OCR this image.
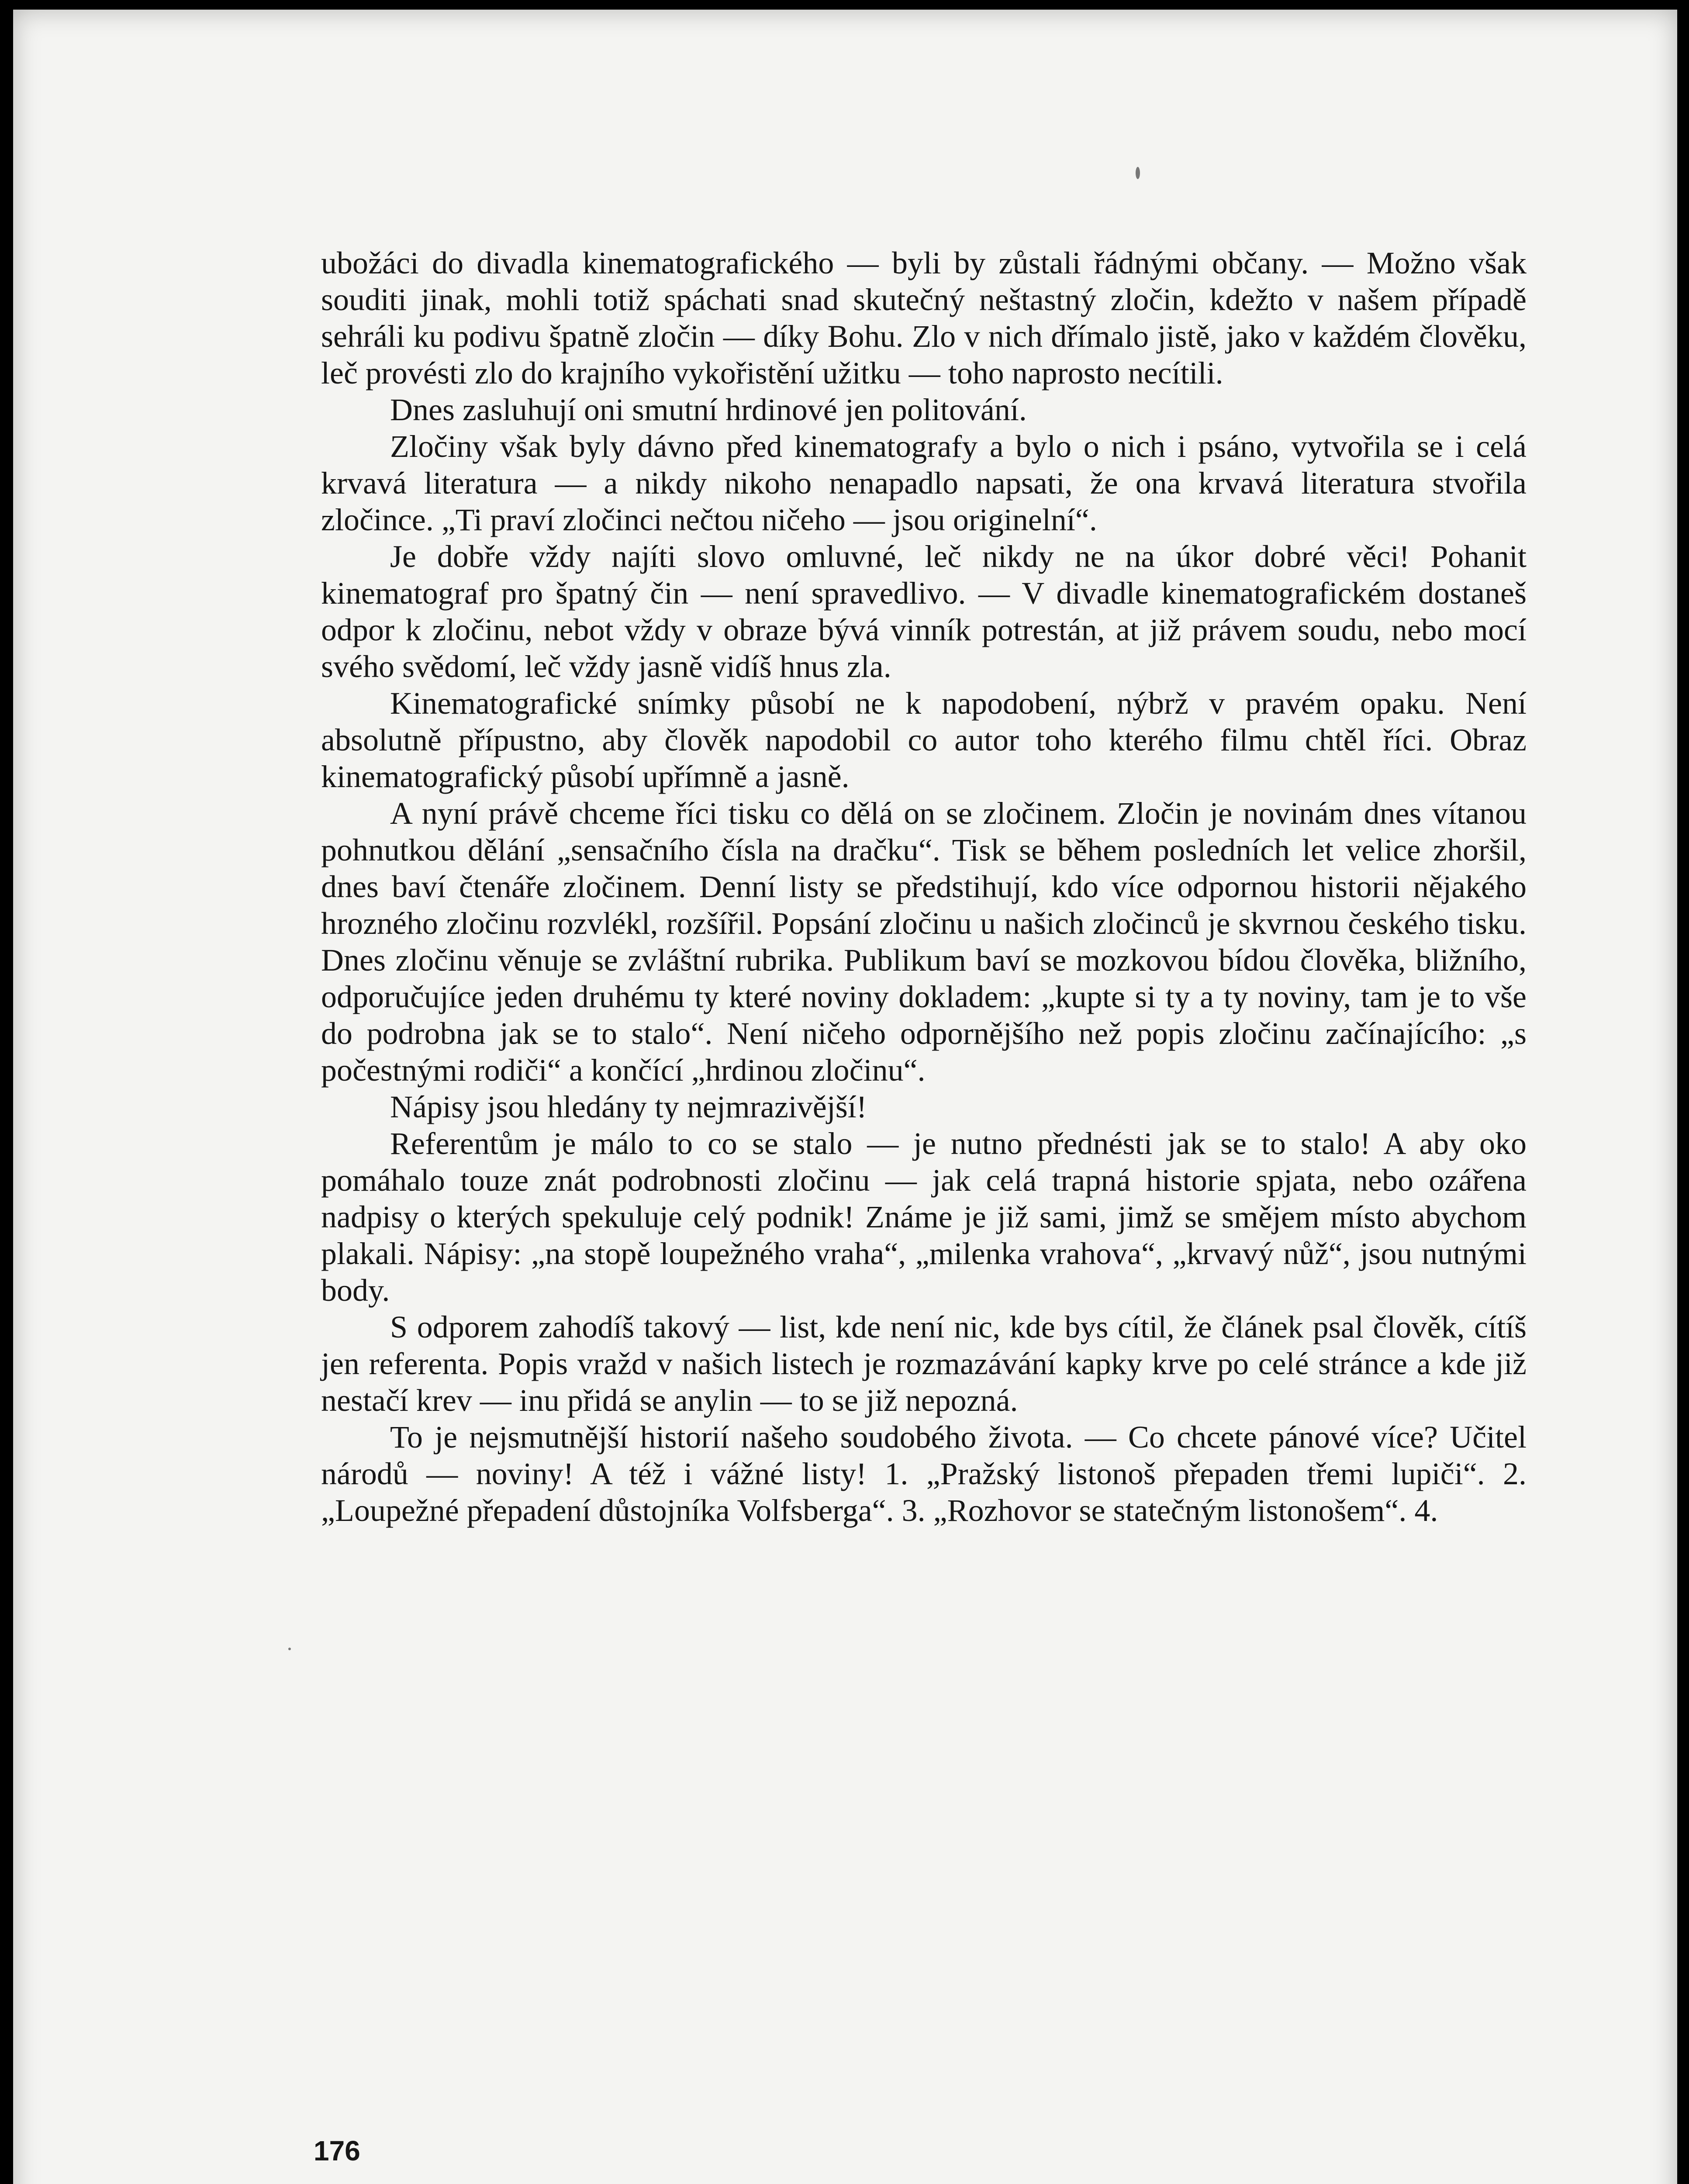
ubožáci do divadla kinematografického — byli by zůstali řádnými občany. — Možno však souditi jinak, mohli totiž spáchati snad skutečný neštastný zločin, kdežto v našem případě sehráli ku podivu špatně zločin — díky Bohu. Zlo v nich dřímalo jistě, jako v každém člověku, leč provésti zlo do krajního vykořistění užitku — toho naprosto necítili.

Dnes zasluhují oni smutní hrdinové jen politování.

Zločiny však byly dávno před kinematografy a bylo o nich i psáno, vytvořila se i celá krvavá literatura — a nikdy nikoho nenapadlo napsati, že ona krvavá literatura stvořila zločince. „Ti praví zločinci nečtou ničeho — jsou originelní“.

Je dobře vždy najíti slovo omluvné, leč nikdy ne na úkor dobré věci! Pohanit kinematograf pro špatný čin — není spravedlivo. — V divadle kinematografickém dostaneš odpor k zločinu, nebot vždy v obraze bývá vinník potrestán, at již právem soudu, nebo mocí svého svědomí, leč vždy jasně vidíš hnus zla.

Kinematografické snímky působí ne k napodobení, nýbrž v pravém opaku. Není absolutně přípustno, aby člověk napodobil co autor toho kterého filmu chtěl říci. Obraz kinematografický působí upřímně a jasně.

A nyní právě chceme říci tisku co dělá on se zločinem. Zločin je novinám dnes vítanou pohnutkou dělání „sensačního čísla na dračku“. Tisk se během posledních let velice zhoršil, dnes baví čtenáře zločinem. Denní listy se předstihují, kdo více odpornou historii nějakého hrozného zločinu rozvlékl, rozšířil. Popsání zločinu u našich zločinců je skvrnou českého tisku. Dnes zločinu věnuje se zvláštní rubrika. Publikum baví se mozkovou bídou člověka, bližního, odporučujíce jeden druhému ty které noviny dokladem: „kupte si ty a ty noviny, tam je to vše do podrobna jak se to stalo“. Není ničeho odpornějšího než popis zločinu začínajícího: „s počestnými rodiči“ a končící „hrdinou zločinu“.

Nápisy jsou hledány ty nejmrazivější!

Referentům je málo to co se stalo — je nutno přednésti jak se to stalo! A aby oko pomáhalo touze znát podrobnosti zločinu — jak celá trapná historie spjata, nebo ozářena nadpisy o kterých spekuluje celý podnik! Známe je již sami, jimž se smějem místo abychom plakali. Nápisy: „na stopě loupežného vraha“, „milenka vrahova“, „krvavý nůž“, jsou nutnými body.

S odporem zahodíš takový — list, kde není nic, kde bys cítil, že článek psal člověk, cítíš jen referenta. Popis vražd v našich listech je rozmazávání kapky krve po celé stránce a kde již nestačí krev — inu přidá se anylin — to se již nepozná.

To je nejsmutnější historií našeho soudobého života. — Co chcete pánové více? Učitel národů — noviny! A též i vážné listy! 1. „Pražský listonoš přepaden třemi lupiči“. 2. „Loupežné přepadení důstojníka Volfsberga“. 3. „Rozhovor se statečným listonošem“. 4.

176
